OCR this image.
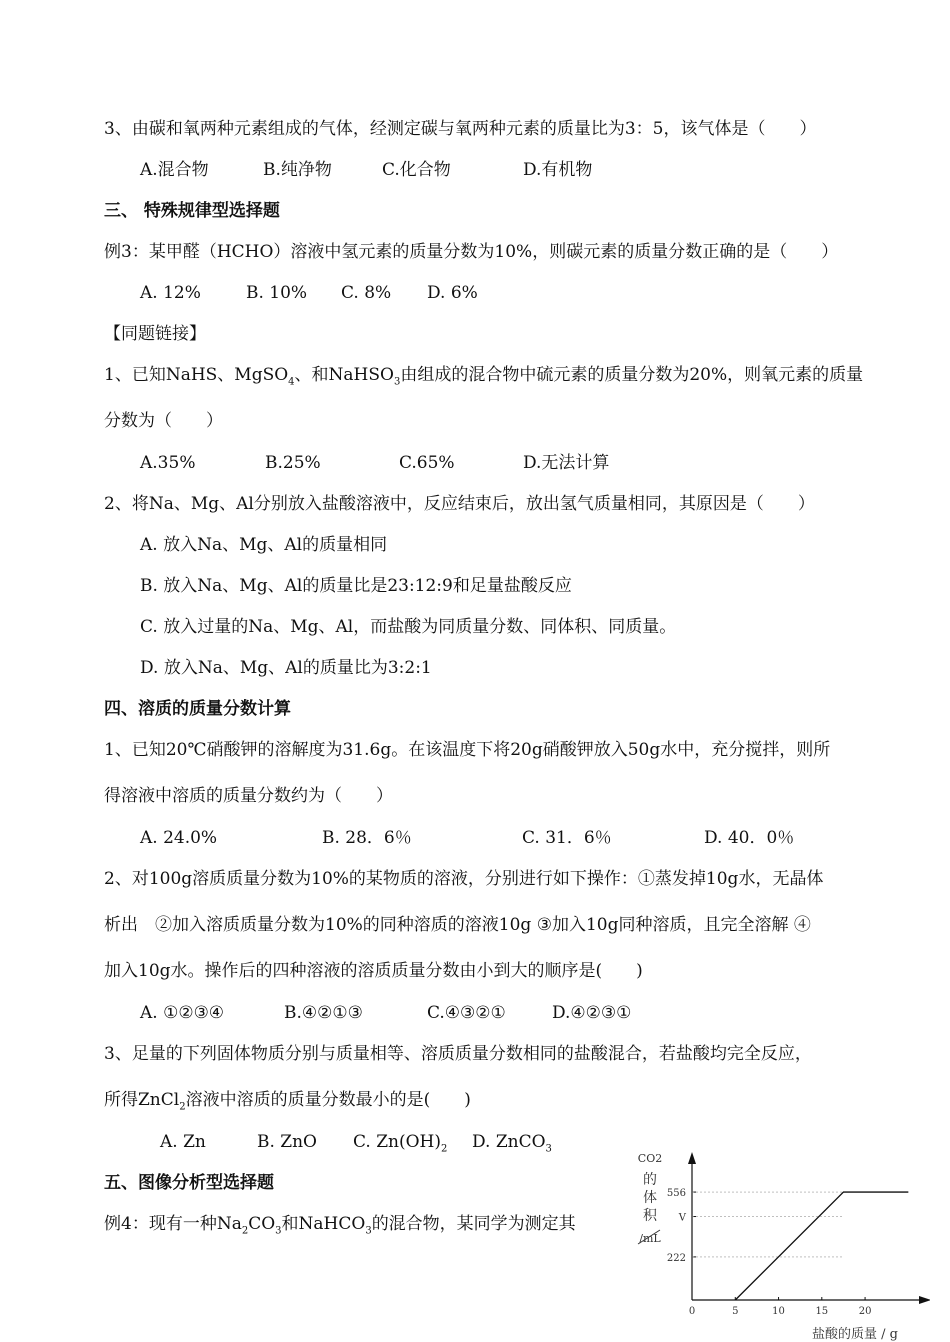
3、由碳和氧两种元素组成的气体，经测定碳与氧两种元素的质量比为3：5，该气体是（　　）
A.混合物	B.纯净物	C.化合物	D.有机物
三、 特殊规律型选择题
例3：某甲醛（HCHO）溶液中氢元素的质量分数为10%，则碳元素的质量分数正确的是（　　）
A. 12%	B. 10% C. 8% D. 6%
【同题链接】
1、已知NaHS、MgSO$_4$、和NaHSO$_3$由组成的混合物中硫元素的质量分数为20%，则氧元素的质量
分数为（　　）
A.35%	B.25%	C.65%	D.无法计算
2、将Na、Mg、Al分别放入盐酸溶液中，反应结束后，放出氢气质量相同，其原因是（　　）
A. 放入Na、Mg、Al的质量相同
B. 放入Na、Mg、Al的质量比是23:12:9和足量盐酸反应
C. 放入过量的Na、Mg、Al，而盐酸为同质量分数、同体积、同质量。
D. 放入Na、Mg、Al的质量比为3:2:1
四、溶质的质量分数计算
1、已知20℃硝酸钾的溶解度为31.6g。在该温度下将20g硝酸钾放入50g水中，充分搅拌，则所
得溶液中溶质的质量分数约为（　　）
A. 24.0%	B. 28．6％	C. 31．6％	D. 40．0％
2、对100g溶质质量分数为10%的某物质的溶液，分别进行如下操作：①蒸发掉10g水，无晶体
析出　②加入溶质质量分数为10%的同种溶质的溶液10g ③加入10g同种溶质，且完全溶解 ④
加入10g水。操作后的四种溶液的溶质质量分数由小到大的顺序是(　　)
A. ①②③④	B.④②①③	C.④③②①	D.④②③①
3、足量的下列固体物质分别与质量相等、溶质质量分数相同的盐酸混合，若盐酸均完全反应，
所得ZnCl$_2$溶液中溶质的质量分数最小的是(　　)
A. Zn	B. ZnO C. $Zn(OH)_2$ D. ZnCO$_3$
五、图像分析型选择题
例4：现有一种$Na_2CO_3$和NaHCO$_3$的混合物，某同学为测定其
0	5	10	15	20
556
V
222
CO2
的
体
积
/mL
盐酸的质量 / g
